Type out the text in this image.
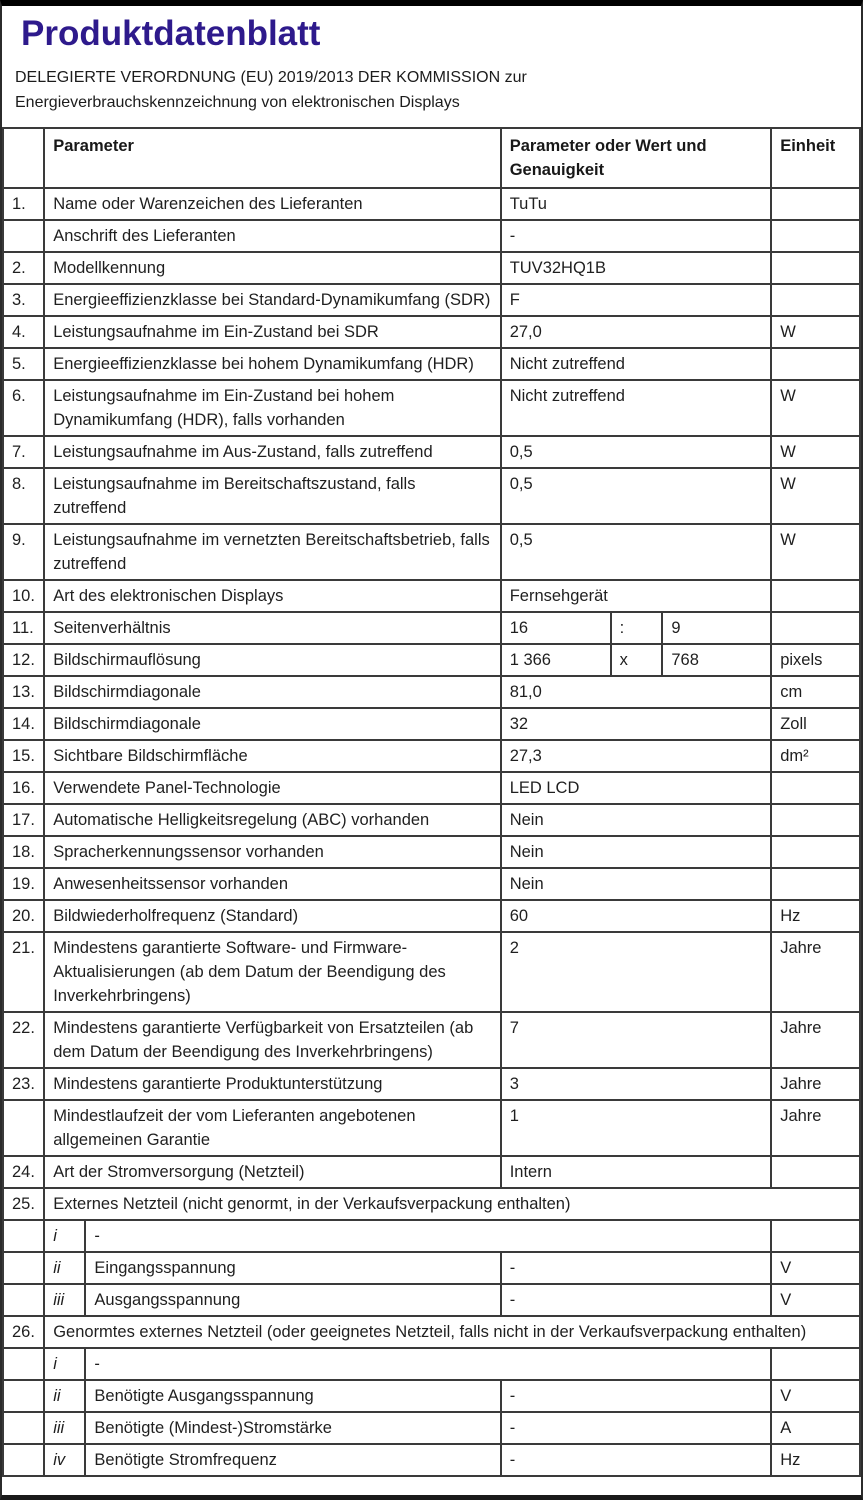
Produktdatenblatt
DELEGIERTE VERORDNUNG (EU) 2019/2013 DER KOMMISSION zur
Energieverbrauchskennzeichnung von elektronischen Displays
	Parameter		Parameter oder Wert und Genauigkeit			Einheit
1.	Name oder Warenzeichen des Lieferanten		TuTu			
	Anschrift des Lieferanten		-			
2.	Modellkennung		TUV32HQ1B			
3.	Energieeffizienzklasse bei Standard-Dynamikumfang (SDR)		F			
4.	Leistungsaufnahme im Ein-Zustand bei SDR		27,0			W
5.	Energieeffizienzklasse bei hohem Dynamikumfang (HDR)		Nicht zutreffend			
6.	Leistungsaufnahme im Ein-Zustand bei hohem Dynamikumfang (HDR), falls vorhanden		Nicht zutreffend			W
7.	Leistungsaufnahme im Aus-Zustand, falls zutreffend		0,5			W
8.	Leistungsaufnahme im Bereitschaftszustand, falls zutreffend		0,5			W
9.	Leistungsaufnahme im vernetzten Bereitschaftsbetrieb, falls zutreffend		0,5			W
10.	Art des elektronischen Displays		Fernsehgerät			
11.	Seitenverhältnis		16	:	9	
12.	Bildschirmauflösung		1 366	x	768	pixels
13.	Bildschirmdiagonale		81,0			cm
14.	Bildschirmdiagonale		32			Zoll
15.	Sichtbare Bildschirmfläche		27,3			dm²
16.	Verwendete Panel-Technologie		LED LCD			
17.	Automatische Helligkeitsregelung (ABC) vorhanden		Nein			
18.	Spracherkennungssensor vorhanden		Nein			
19.	Anwesenheitssensor vorhanden		Nein			
20.	Bildwiederholfrequenz (Standard)		60			Hz
21.	Mindestens garantierte Software- und Firmware-Aktualisierungen (ab dem Datum der Beendigung des Inverkehrbringens)		2			Jahre
22.	Mindestens garantierte Verfügbarkeit von Ersatzteilen (ab dem Datum der Beendigung des Inverkehrbringens)		7			Jahre
23.	Mindestens garantierte Produktunterstützung		3			Jahre
	Mindestlaufzeit der vom Lieferanten angebotenen allgemeinen Garantie		1			Jahre
24.	Art der Stromversorgung (Netzteil)		Intern			
25.	Externes Netzteil (nicht genormt, in der Verkaufsverpackung enthalten)					
	i	-				
	ii	Eingangsspannung	-			V
	iii	Ausgangsspannung	-			V
26.	Genormtes externes Netzteil (oder geeignetes Netzteil, falls nicht in der Verkaufsverpackung enthalten)					
	i	-				
	ii	Benötigte Ausgangsspannung	-			V
	iii	Benötigte (Mindest-)Stromstärke	-			A
	iv	Benötigte Stromfrequenz	-			Hz
